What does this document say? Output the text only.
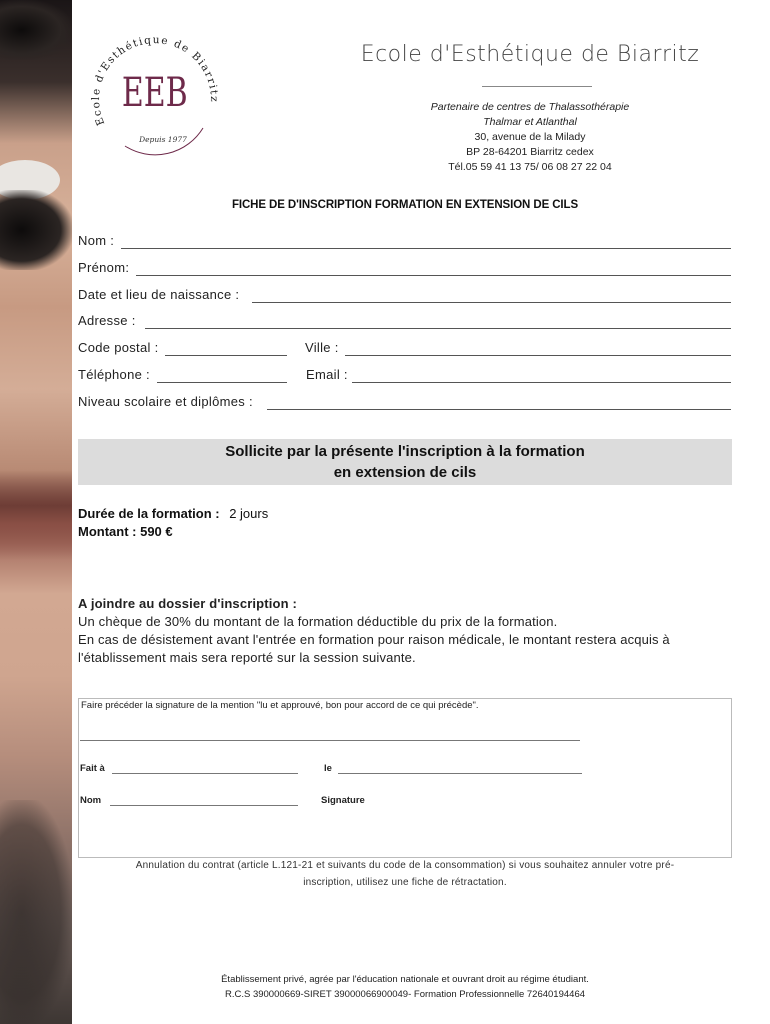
Ecole d'Esthétique de Biarritz
EEB
Depuis 1977
Ecole d'Esthétique de Biarritz
Partenaire de centres de Thalassothérapie
Thalmar et Atlanthal
30, avenue de la Milady
BP 28-64201 Biarritz cedex
Tél.05 59 41 13 75/ 06 08 27 22 04
FICHE DE D'INSCRIPTION FORMATION EN EXTENSION DE CILS
Nom :
Prénom:
Date et lieu de naissance :
Adresse :
Code postal :	Ville :
Téléphone :	Email :
Niveau scolaire et diplômes :
Sollicite par la présente l'inscription à la formation
en extension de cils
Durée de la formation : 2 jours
Montant : 590 €
A joindre au dossier d'inscription :
Un chèque de 30% du montant de la formation déductible du prix de la formation.
En cas de désistement avant l'entrée en formation pour raison médicale, le montant restera acquis à
l'établissement mais sera reporté sur la session suivante.
Faire précéder la signature de la mention "lu et approuvé, bon pour accord de ce qui précède".
Fait à	le
Nom	Signature
Annulation du contrat (article L.121-21 et suivants du code de la consommation) si vous souhaitez annuler votre pré-
inscription, utilisez une fiche de rétractation.
Établissement privé, agrée par l'éducation nationale et ouvrant droit au régime étudiant.
R.C.S 390000669-SIRET 39000066900049- Formation Professionnelle 72640194464
